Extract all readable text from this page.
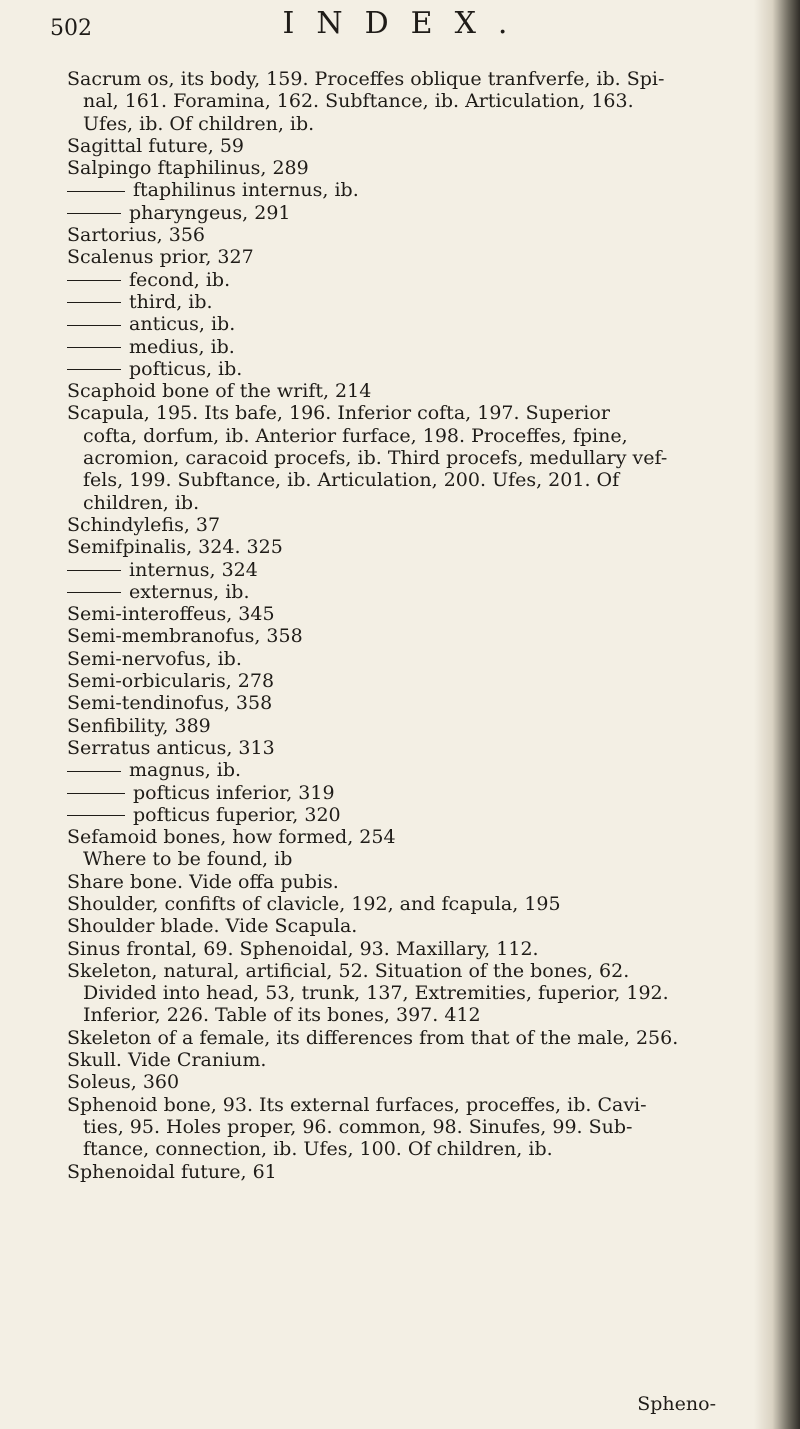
502	INDEX.
Sacrum os, its body, 159. Proceffes oblique tranfverfe, ib. Spi-
nal, 161. Foramina, 162. Subftance, ib. Articulation, 163.
Ufes, ib. Of children, ib.
Sagittal future, 59
Salpingo ftaphilinus, 289
ftaphilinus internus, ib.
pharyngeus, 291
Sartorius, 356
Scalenus prior, 327
fecond, ib.
third, ib.
anticus, ib.
medius, ib.
pofticus, ib.
Scaphoid bone of the wrift, 214
Scapula, 195. Its bafe, 196. Inferior cofta, 197. Superior
cofta, dorfum, ib. Anterior furface, 198. Proceffes, fpine,
acromion, caracoid procefs, ib. Third procefs, medullary vef-
fels, 199. Subftance, ib. Articulation, 200. Ufes, 201. Of
children, ib.
Schindylefis, 37
Semifpinalis, 324. 325
internus, 324
externus, ib.
Semi-interoffeus, 345
Semi-membranofus, 358
Semi-nervofus, ib.
Semi-orbicularis, 278
Semi-tendinofus, 358
Senfibility, 389
Serratus anticus, 313
magnus, ib.
pofticus inferior, 319
pofticus fuperior, 320
Sefamoid bones, how formed, 254
Where to be found, ib
Share bone. Vide offa pubis.
Shoulder, confifts of clavicle, 192, and fcapula, 195
Shoulder blade. Vide Scapula.
Sinus frontal, 69. Sphenoidal, 93. Maxillary, 112.
Skeleton, natural, artificial, 52. Situation of the bones, 62.
Divided into head, 53, trunk, 137, Extremities, fuperior, 192.
Inferior, 226. Table of its bones, 397. 412
Skeleton of a female, its differences from that of the male, 256.
Skull. Vide Cranium.
Soleus, 360
Sphenoid bone, 93. Its external furfaces, proceffes, ib. Cavi-
ties, 95. Holes proper, 96. common, 98. Sinufes, 99. Sub-
ftance, connection, ib. Ufes, 100. Of children, ib.
Sphenoidal future, 61
Spheno-
